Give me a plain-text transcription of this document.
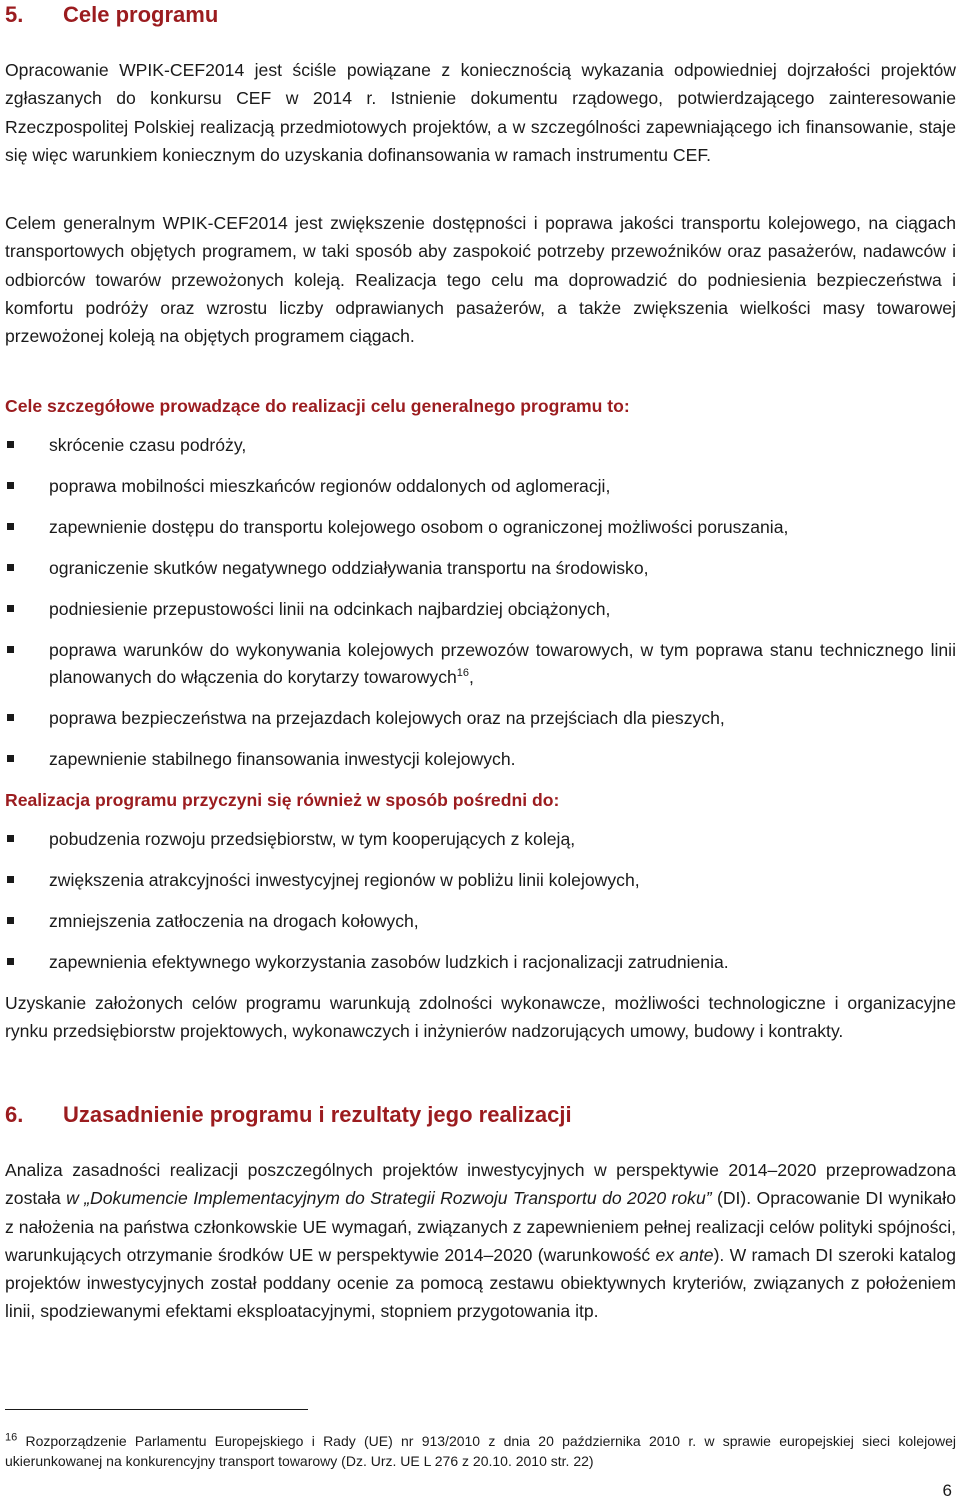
5. Cele programu
Opracowanie WPIK-CEF2014 jest ściśle powiązane z koniecznością wykazania odpowiedniej dojrzałości projektów zgłaszanych do konkursu CEF w 2014 r. Istnienie dokumentu rządowego, potwierdzającego zainteresowanie Rzeczpospolitej Polskiej realizacją przedmiotowych projektów, a w szczególności zapewniającego ich finansowanie, staje się więc warunkiem koniecznym do uzyskania dofinansowania w ramach instrumentu CEF.
Celem generalnym WPIK-CEF2014 jest zwiększenie dostępności i poprawa jakości transportu kolejowego, na ciągach transportowych objętych programem, w taki sposób aby zaspokoić potrzeby przewoźników oraz pasażerów, nadawców i odbiorców towarów przewożonych koleją. Realizacja tego celu ma doprowadzić do podniesienia bezpieczeństwa i komfortu podróży oraz wzrostu liczby odprawianych pasażerów, a także zwiększenia wielkości masy towarowej przewożonej koleją na objętych programem ciągach.
Cele szczegółowe prowadzące do realizacji celu generalnego programu to:
skrócenie czasu podróży,
poprawa mobilności mieszkańców regionów oddalonych od aglomeracji,
zapewnienie dostępu do transportu kolejowego osobom o ograniczonej możliwości poruszania,
ograniczenie skutków negatywnego oddziaływania transportu na środowisko,
podniesienie przepustowości linii na odcinkach najbardziej obciążonych,
poprawa warunków do wykonywania kolejowych przewozów towarowych, w tym poprawa stanu technicznego linii planowanych do włączenia do korytarzy towarowych$^{16}$,
poprawa bezpieczeństwa na przejazdach kolejowych oraz na przejściach dla pieszych,
zapewnienie stabilnego finansowania inwestycji kolejowych.
Realizacja programu przyczyni się również w sposób pośredni do:
pobudzenia rozwoju przedsiębiorstw, w tym kooperujących z koleją,
zwiększenia atrakcyjności inwestycyjnej regionów w pobliżu linii kolejowych,
zmniejszenia zatłoczenia na drogach kołowych,
zapewnienia efektywnego wykorzystania zasobów ludzkich i racjonalizacji zatrudnienia.
Uzyskanie założonych celów programu warunkują zdolności wykonawcze, możliwości technologiczne i organizacyjne rynku przedsiębiorstw projektowych, wykonawczych i inżynierów nadzorujących umowy, budowy i kontrakty.
6. Uzasadnienie programu i rezultaty jego realizacji
Analiza zasadności realizacji poszczególnych projektów inwestycyjnych w perspektywie 2014–2020 przeprowadzona została w „Dokumencie Implementacyjnym do Strategii Rozwoju Transportu do 2020 roku” (DI). Opracowanie DI wynikało z nałożenia na państwa członkowskie UE wymagań, związanych z zapewnieniem pełnej realizacji celów polityki spójności, warunkujących otrzymanie środków UE w perspektywie 2014–2020 (warunkowość ex ante). W ramach DI szeroki katalog projektów inwestycyjnych został poddany ocenie za pomocą zestawu obiektywnych kryteriów, związanych z położeniem linii, spodziewanymi efektami eksploatacyjnymi, stopniem przygotowania itp.
$^{16}$ Rozporządzenie Parlamentu Europejskiego i Rady (UE) nr 913/2010 z dnia 20 października 2010 r. w sprawie europejskiej sieci kolejowej ukierunkowanej na konkurencyjny transport towarowy (Dz. Urz. UE L 276 z 20.10. 2010 str. 22)
6
